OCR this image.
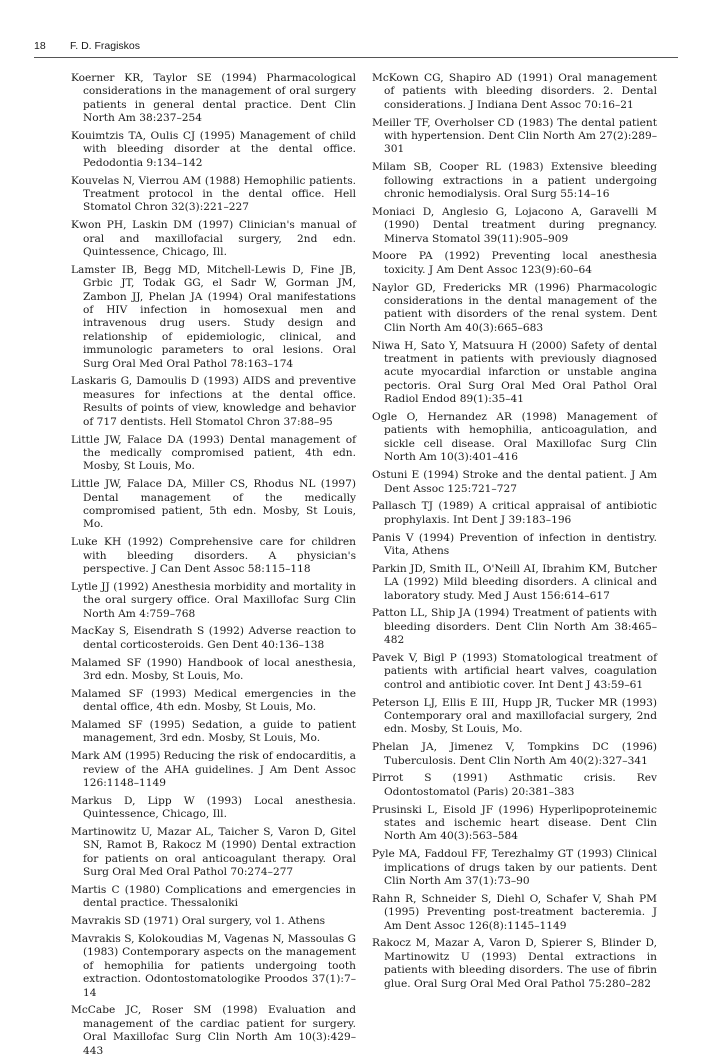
18 F. D. Fragiskos

Koerner KR, Taylor SE (1994) Pharmacological considerations in the management of oral surgery patients in general dental practice. Dent Clin North Am 38:237–254

Kouimtzis TA, Oulis CJ (1995) Management of child with bleeding disorder at the dental office. Pedodontia 9:134–142

Kouvelas N, Vierrou AM (1988) Hemophilic patients. Treatment protocol in the dental office. Hell Stomatol Chron 32(3):221–227

Kwon PH, Laskin DM (1997) Clinician's manual of oral and maxillofacial surgery, 2nd edn. Quintessence, Chicago, Ill.

Lamster IB, Begg MD, Mitchell-Lewis D, Fine JB, Grbic JT, Todak GG, el Sadr W, Gorman JM, Zambon JJ, Phelan JA (1994) Oral manifestations of HIV infection in homosexual men and intravenous drug users. Study design and relationship of epidemiologic, clinical, and immunologic parameters to oral lesions. Oral Surg Oral Med Oral Pathol 78:163–174

Laskaris G, Damoulis D (1993) AIDS and preventive measures for infections at the dental office. Results of points of view, knowledge and behavior of 717 dentists. Hell Stomatol Chron 37:88–95

Little JW, Falace DA (1993) Dental management of the medically compromised patient, 4th edn. Mosby, St Louis, Mo.

Little JW, Falace DA, Miller CS, Rhodus NL (1997) Dental management of the medically compromised patient, 5th edn. Mosby, St Louis, Mo.

Luke KH (1992) Comprehensive care for children with bleeding disorders. A physician's perspective. J Can Dent Assoc 58:115–118

Lytle JJ (1992) Anesthesia morbidity and mortality in the oral surgery office. Oral Maxillofac Surg Clin North Am 4:759–768

MacKay S, Eisendrath S (1992) Adverse reaction to dental corticosteroids. Gen Dent 40:136–138

Malamed SF (1990) Handbook of local anesthesia, 3rd edn. Mosby, St Louis, Mo.

Malamed SF (1993) Medical emergencies in the dental office, 4th edn. Mosby, St Louis, Mo.

Malamed SF (1995) Sedation, a guide to patient management, 3rd edn. Mosby, St Louis, Mo.

Mark AM (1995) Reducing the risk of endocarditis, a review of the AHA guidelines. J Am Dent Assoc 126:1148–1149

Markus D, Lipp W (1993) Local anesthesia. Quintessence, Chicago, Ill.

Martinowitz U, Mazar AL, Taicher S, Varon D, Gitel SN, Ramot B, Rakocz M (1990) Dental extraction for patients on oral anticoagulant therapy. Oral Surg Oral Med Oral Pathol 70:274–277

Martis C (1980) Complications and emergencies in dental practice. Thessaloniki

Mavrakis SD (1971) Oral surgery, vol 1. Athens

Mavrakis S, Kolokoudias M, Vagenas N, Massoulas G (1983) Contemporary aspects on the management of hemophilia for patients undergoing tooth extraction. Odontostomatologike Proodos 37(1):7–14

McCabe JC, Roser SM (1998) Evaluation and management of the cardiac patient for surgery. Oral Maxillofac Surg Clin North Am 10(3):429–443

McKown CG, Shapiro AD (1991) Oral management of patients with bleeding disorders. 2. Dental considerations. J Indiana Dent Assoc 70:16–21

Meiller TF, Overholser CD (1983) The dental patient with hypertension. Dent Clin North Am 27(2):289–301

Milam SB, Cooper RL (1983) Extensive bleeding following extractions in a patient undergoing chronic hemodialysis. Oral Surg 55:14–16

Moniaci D, Anglesio G, Lojacono A, Garavelli M (1990) Dental treatment during pregnancy. Minerva Stomatol 39(11):905–909

Moore PA (1992) Preventing local anesthesia toxicity. J Am Dent Assoc 123(9):60–64

Naylor GD, Fredericks MR (1996) Pharmacologic considerations in the dental management of the patient with disorders of the renal system. Dent Clin North Am 40(3):665–683

Niwa H, Sato Y, Matsuura H (2000) Safety of dental treatment in patients with previously diagnosed acute myocardial infarction or unstable angina pectoris. Oral Surg Oral Med Oral Pathol Oral Radiol Endod 89(1):35–41

Ogle O, Hernandez AR (1998) Management of patients with hemophilia, anticoagulation, and sickle cell disease. Oral Maxillofac Surg Clin North Am 10(3):401–416

Ostuni E (1994) Stroke and the dental patient. J Am Dent Assoc 125:721–727

Pallasch TJ (1989) A critical appraisal of antibiotic prophylaxis. Int Dent J 39:183–196

Panis V (1994) Prevention of infection in dentistry. Vita, Athens

Parkin JD, Smith IL, O'Neill AI, Ibrahim KM, Butcher LA (1992) Mild bleeding disorders. A clinical and laboratory study. Med J Aust 156:614–617

Patton LL, Ship JA (1994) Treatment of patients with bleeding disorders. Dent Clin North Am 38:465–482

Pavek V, Bigl P (1993) Stomatological treatment of patients with artificial heart valves, coagulation control and antibiotic cover. Int Dent J 43:59–61

Peterson LJ, Ellis E III, Hupp JR, Tucker MR (1993) Contemporary oral and maxillofacial surgery, 2nd edn. Mosby, St Louis, Mo.

Phelan JA, Jimenez V, Tompkins DC (1996) Tuberculosis. Dent Clin North Am 40(2):327–341

Pirrot S (1991) Asthmatic crisis. Rev Odontostomatol (Paris) 20:381–383

Prusinski L, Eisold JF (1996) Hyperlipoproteinemic states and ischemic heart disease. Dent Clin North Am 40(3):563–584

Pyle MA, Faddoul FF, Terezhalmy GT (1993) Clinical implications of drugs taken by our patients. Dent Clin North Am 37(1):73–90

Rahn R, Schneider S, Diehl O, Schafer V, Shah PM (1995) Preventing post-treatment bacteremia. J Am Dent Assoc 126(8):1145–1149

Rakocz M, Mazar A, Varon D, Spierer S, Blinder D, Martinowitz U (1993) Dental extractions in patients with bleeding disorders. The use of fibrin glue. Oral Surg Oral Med Oral Pathol 75:280–282
